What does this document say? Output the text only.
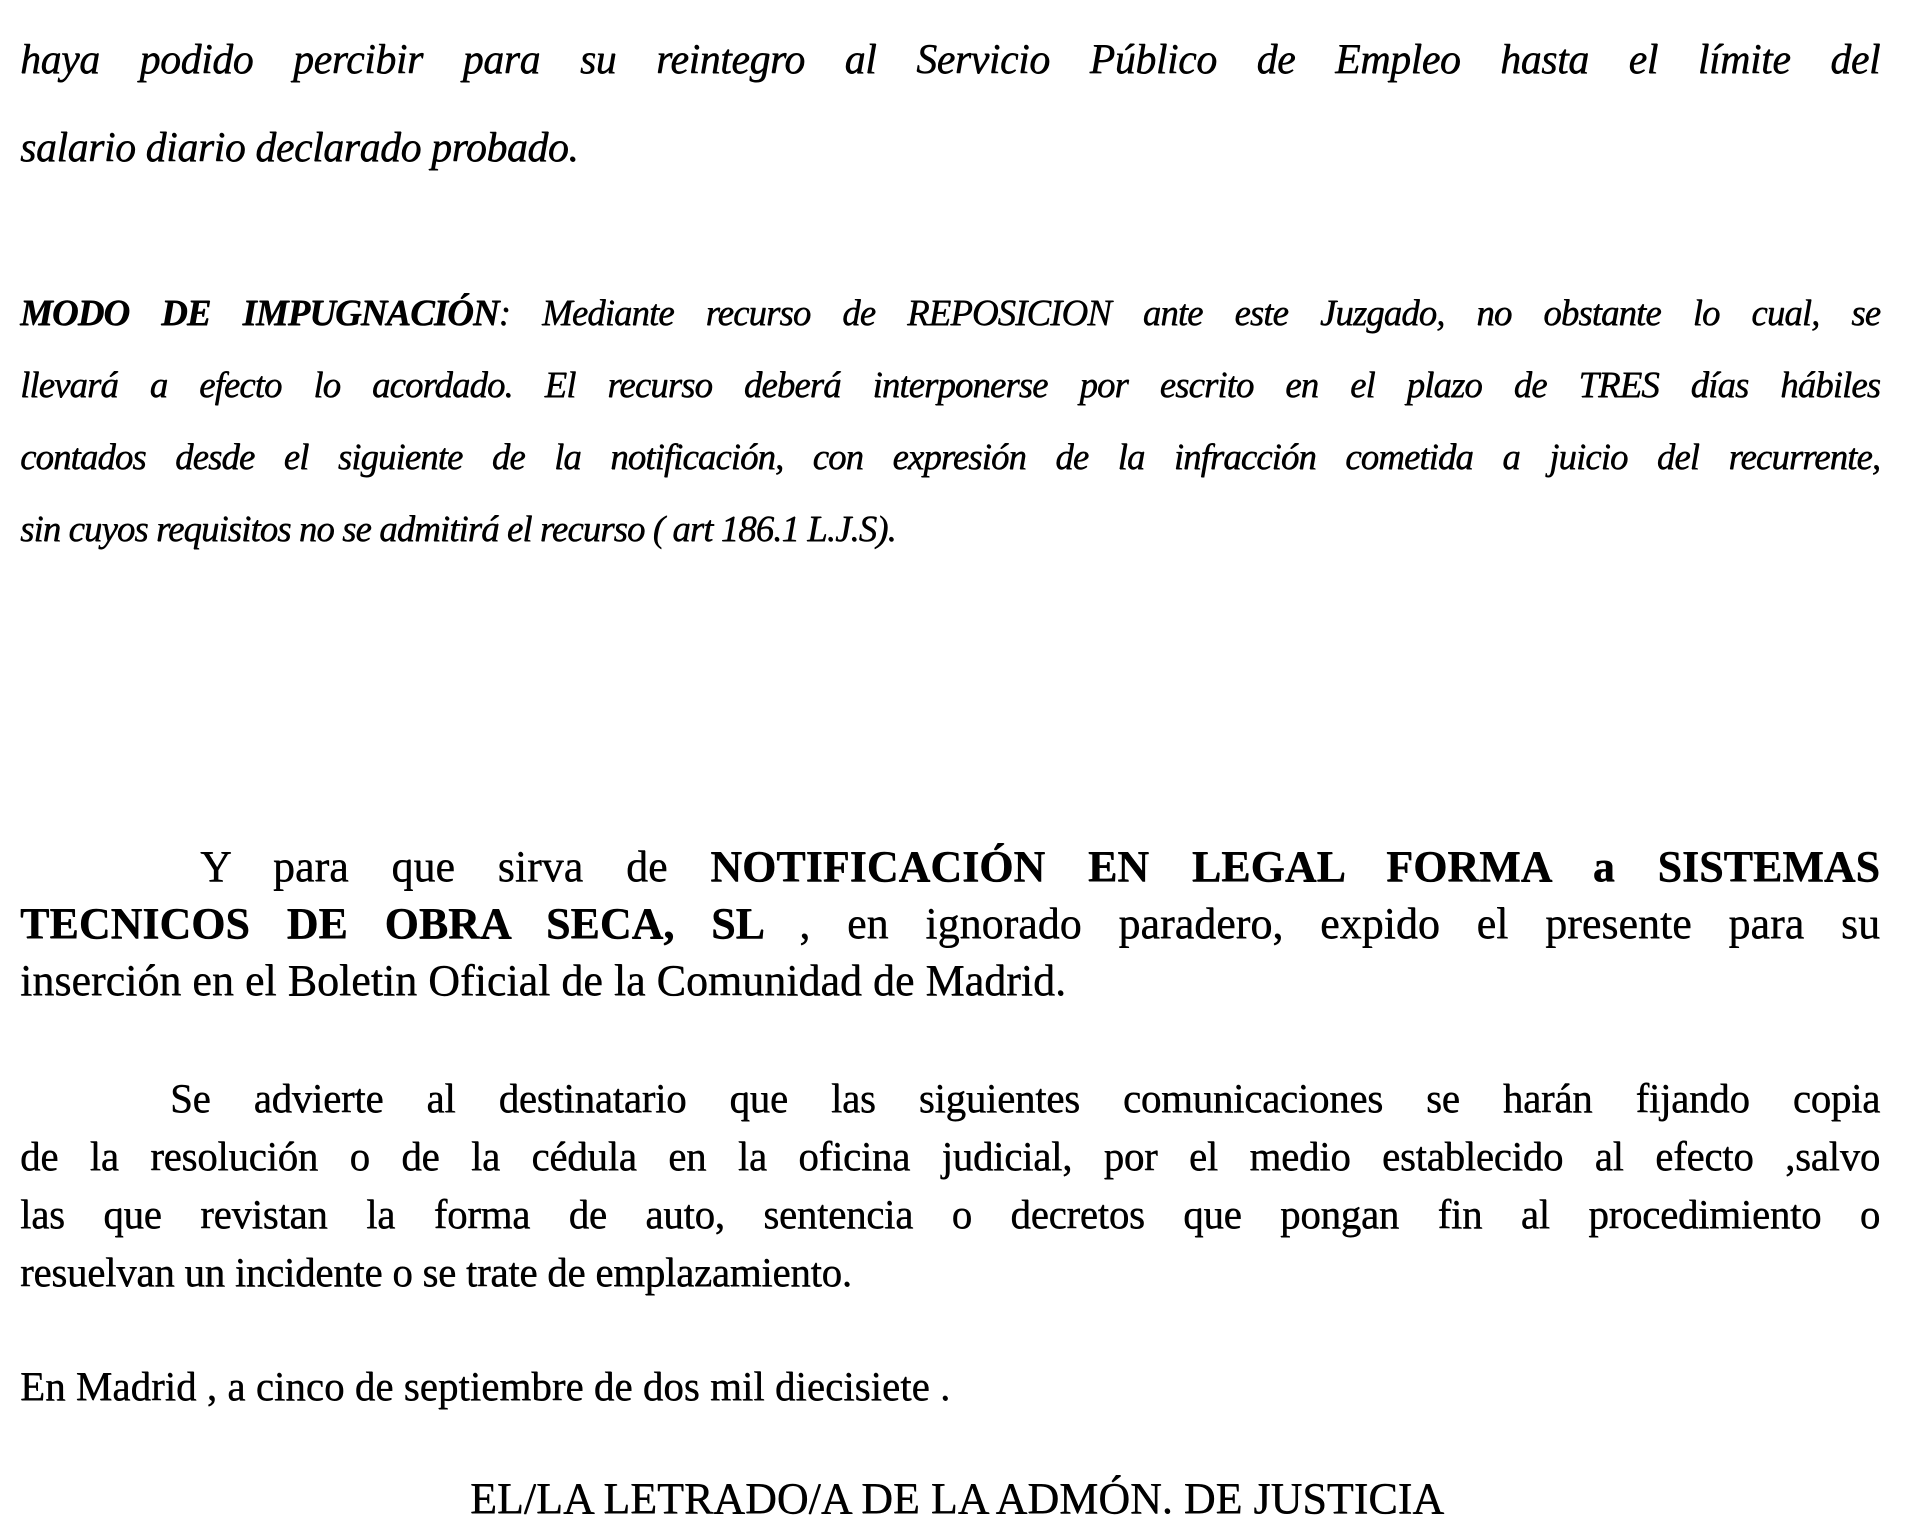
haya podido percibir para su reintegro al Servicio Público de Empleo hasta el límite del
salario diario declarado probado.
MODO DE IMPUGNACIÓN: Mediante recurso de REPOSICION ante este Juzgado, no obstante lo cual, se
llevará a efecto lo acordado. El recurso deberá interponerse por escrito en el plazo de TRES días hábiles
contados desde el siguiente de la notificación, con expresión de la infracción cometida a juicio del recurrente,
sin cuyos requisitos no se admitirá el recurso ( art 186.1 L.J.S).
Y para que sirva de NOTIFICACIÓN EN LEGAL FORMA a SISTEMAS
TECNICOS DE OBRA SECA, SL , en ignorado paradero, expido el presente para su
inserción en el Boletin Oficial de la Comunidad de Madrid.
Se advierte al destinatario que las siguientes comunicaciones se harán fijando copia
de la resolución o de la cédula en la oficina judicial, por el medio establecido al efecto ,salvo
las que revistan la forma de auto, sentencia o decretos que pongan fin al procedimiento o
resuelvan un incidente o se trate de emplazamiento.
En Madrid , a cinco de septiembre de dos mil diecisiete .
EL/LA LETRADO/A DE LA ADMÓN. DE JUSTICIA
